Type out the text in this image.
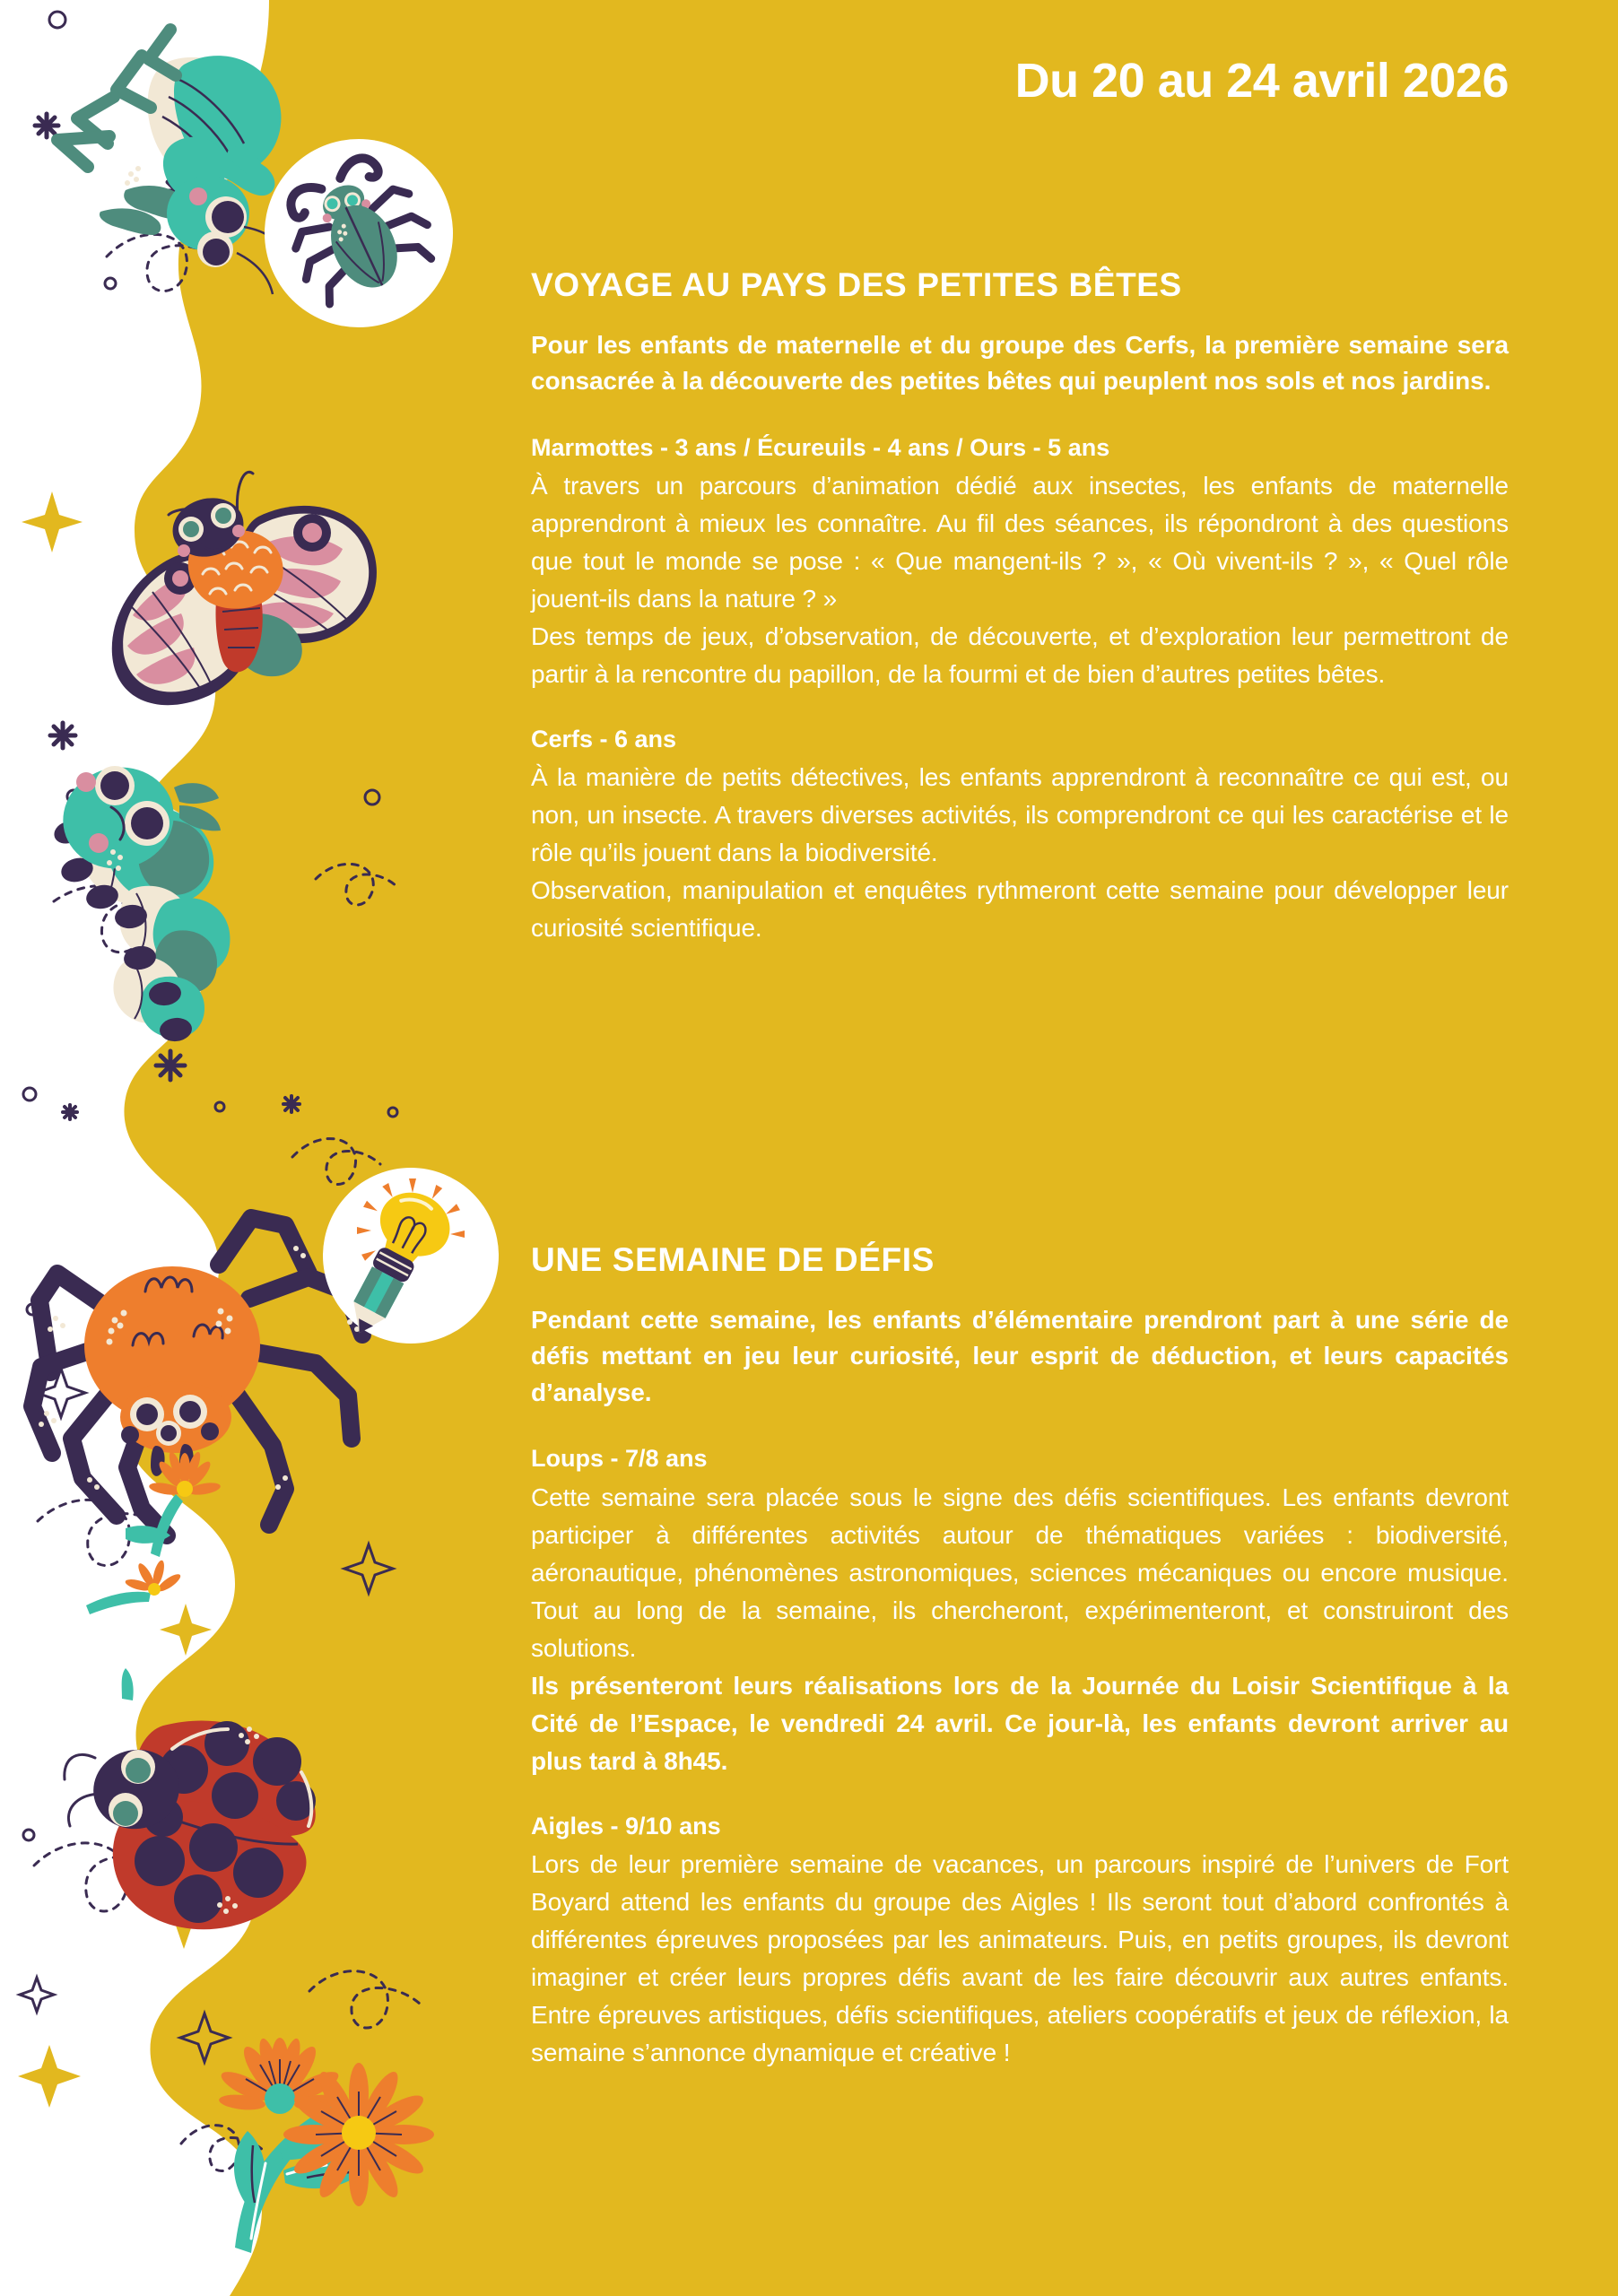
Du 20 au 24 avril 2026
VOYAGE AU PAYS DES PETITES BÊTES

Pour les enfants de maternelle et du groupe des Cerfs, la première semaine sera consacrée à la découverte des petites bêtes qui peuplent nos sols et nos jardins.

Marmottes - 3 ans / Écureuils - 4 ans / Ours - 5 ans

À travers un parcours d’animation dédié aux insectes, les enfants de maternelle apprendront à mieux les connaître. Au fil des séances, ils répondront à des questions que tout le monde se pose : « Que mangent-ils ? », « Où vivent-ils ? », « Quel rôle jouent-ils dans la nature ? »

Des temps de jeux, d’observation, de découverte, et d’exploration leur permettront de partir à la rencontre du papillon, de la fourmi et de bien d’autres petites bêtes.

Cerfs - 6 ans

À la manière de petits détectives, les enfants apprendront à reconnaître ce qui est, ou non, un insecte. A travers diverses activités, ils comprendront ce qui les caractérise et le rôle qu’ils jouent dans la biodiversité.

Observation, manipulation et enquêtes rythmeront cette semaine pour développer leur curiosité scientifique.

UNE SEMAINE DE DÉFIS

Pendant cette semaine, les enfants d’élémentaire prendront part à une série de défis mettant en jeu leur curiosité, leur esprit de déduction, et leurs capacités d’analyse.

Loups - 7/8 ans

Cette semaine sera placée sous le signe des défis scientifiques. Les enfants devront participer à différentes activités autour de thématiques variées : biodiversité, aéronautique, phénomènes astronomiques, sciences mécaniques ou encore musique. Tout au long de la semaine, ils chercheront, expérimenteront, et construiront des solutions.

Ils présenteront leurs réalisations lors de la Journée du Loisir Scientifique à la Cité de l’Espace, le vendredi 24 avril. Ce jour-là, les enfants devront arriver au plus tard à 8h45.

Aigles - 9/10 ans

Lors de leur première semaine de vacances, un parcours inspiré de l’univers de Fort Boyard attend les enfants du groupe des Aigles ! Ils seront tout d’abord confrontés à différentes épreuves proposées par les animateurs. Puis, en petits groupes, ils devront imaginer et créer leurs propres défis avant de les faire découvrir aux autres enfants. Entre épreuves artistiques, défis scientifiques, ateliers coopératifs et jeux de réflexion, la semaine s’annonce dynamique et créative !
